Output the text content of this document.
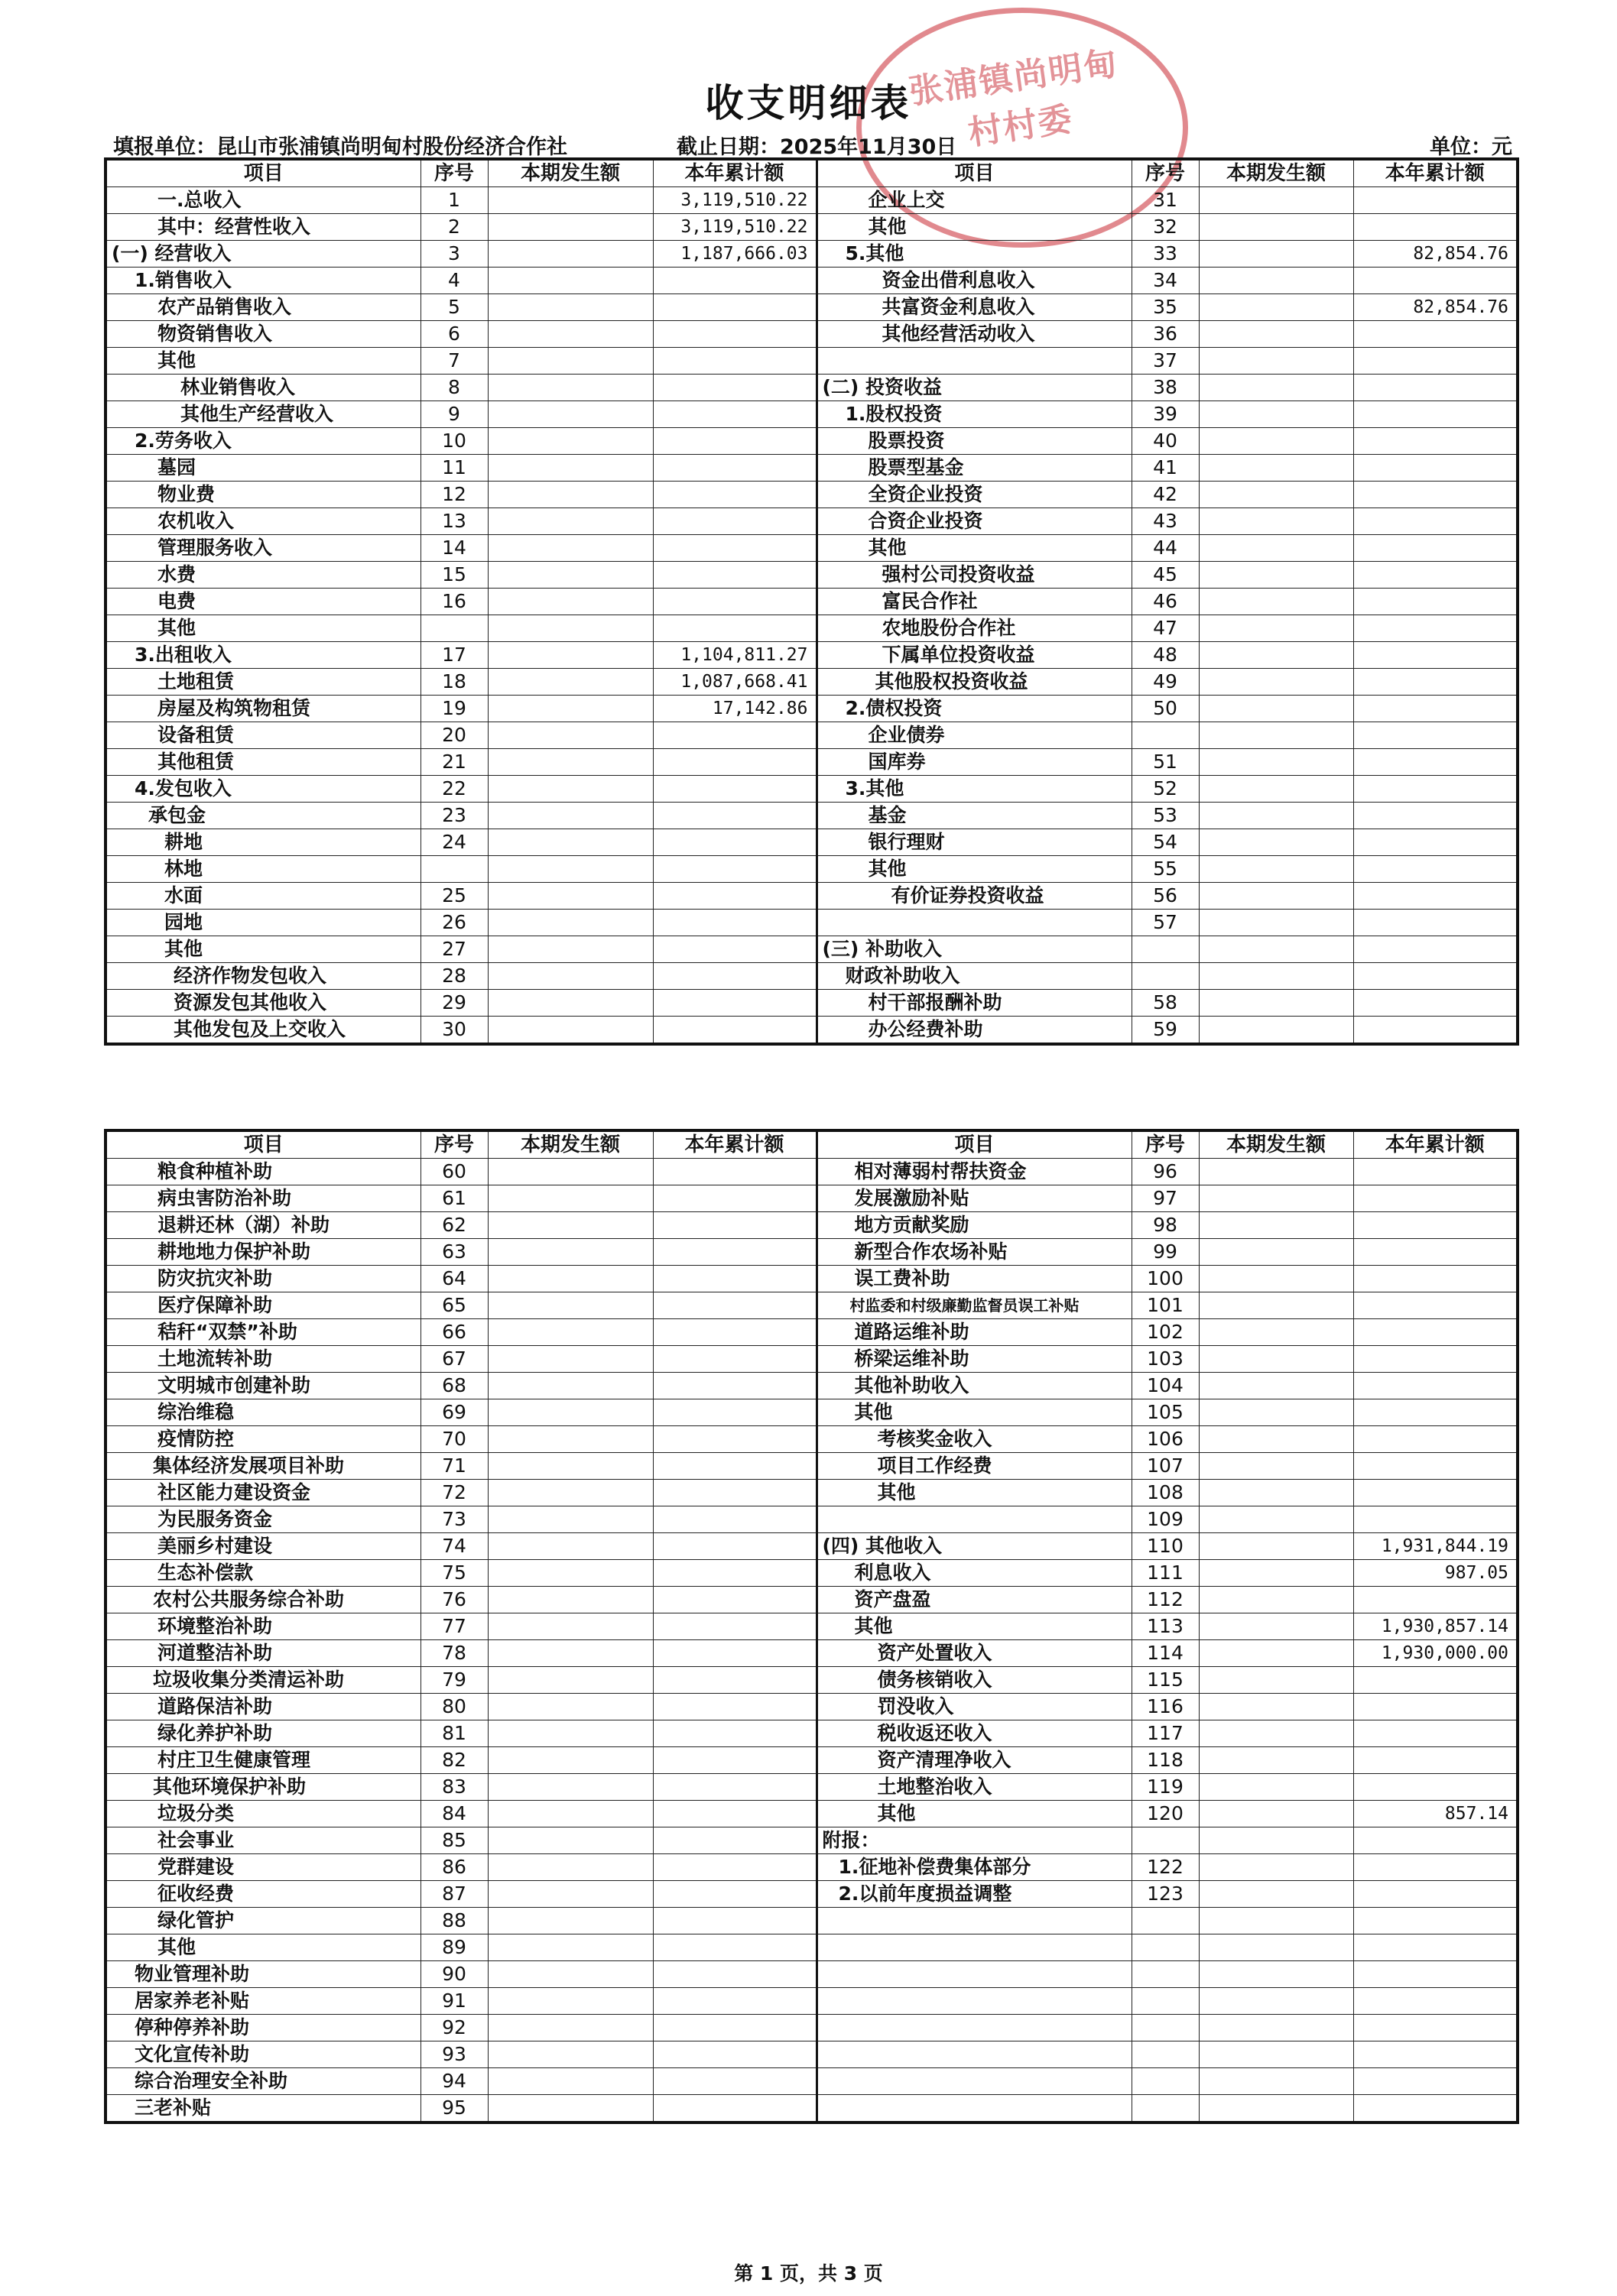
张浦镇尚明甸村村委
收支明细表
填报单位：昆山市张浦镇尚明甸村股份经济合作社	截止日期：2025年11月30日	单位：元
项目	序号	本期发生额	本年累计额	项目	序号	本期发生额	本年累计额
一.总收入	1		3,119,510.22	企业上交	31		
其中：经营性收入	2		3,119,510.22	其他	32		
(一) 经营收入	3		1,187,666.03	5.其他	33		82,854.76
1.销售收入	4			资金出借利息收入	34		
农产品销售收入	5			共富资金利息收入	35		82,854.76
物资销售收入	6			其他经营活动收入	36		
其他	7				37		
林业销售收入	8			(二) 投资收益	38		
其他生产经营收入	9			1.股权投资	39		
2.劳务收入	10			股票投资	40		
墓园	11			股票型基金	41		
物业费	12			全资企业投资	42		
农机收入	13			合资企业投资	43		
管理服务收入	14			其他	44		
水费	15			强村公司投资收益	45		
电费	16			富民合作社	46		
其他				农地股份合作社	47		
3.出租收入	17		1,104,811.27	下属单位投资收益	48		
土地租赁	18		1,087,668.41	其他股权投资收益	49		
房屋及构筑物租赁	19		17,142.86	2.债权投资	50		
设备租赁	20			企业债券			
其他租赁	21			国库券	51		
4.发包收入	22			3.其他	52		
承包金	23			基金	53		
耕地	24			银行理财	54		
林地				其他	55		
水面	25			有价证券投资收益	56		
园地	26				57		
其他	27			(三) 补助收入			
经济作物发包收入	28			财政补助收入			
资源发包其他收入	29			村干部报酬补助	58		
其他发包及上交收入	30			办公经费补助	59		
项目	序号	本期发生额	本年累计额	项目	序号	本期发生额	本年累计额
粮食种植补助	60			相对薄弱村帮扶资金	96		
病虫害防治补助	61			发展激励补贴	97		
退耕还林（湖）补助	62			地方贡献奖励	98		
耕地地力保护补助	63			新型合作农场补贴	99		
防灾抗灾补助	64			误工费补助	100		
医疗保障补助	65			村监委和村级廉勤监督员误工补贴	101		
秸秆“双禁”补助	66			道路运维补助	102		
土地流转补助	67			桥梁运维补助	103		
文明城市创建补助	68			其他补助收入	104		
综治维稳	69			其他	105		
疫情防控	70			考核奖金收入	106		
集体经济发展项目补助	71			项目工作经费	107		
社区能力建设资金	72			其他	108		
为民服务资金	73				109		
美丽乡村建设	74			(四) 其他收入	110		1,931,844.19
生态补偿款	75			利息收入	111		987.05
农村公共服务综合补助	76			资产盘盈	112		
环境整治补助	77			其他	113		1,930,857.14
河道整洁补助	78			资产处置收入	114		1,930,000.00
垃圾收集分类清运补助	79			债务核销收入	115		
道路保洁补助	80			罚没收入	116		
绿化养护补助	81			税收返还收入	117		
村庄卫生健康管理	82			资产清理净收入	118		
其他环境保护补助	83			土地整治收入	119		
垃圾分类	84			其他	120		857.14
社会事业	85			附报：			
党群建设	86			1.征地补偿费集体部分	122		
征收经费	87			2.以前年度损益调整	123		
绿化管护	88						
其他	89						
物业管理补助	90						
居家养老补贴	91						
停种停养补助	92						
文化宣传补助	93						
综合治理安全补助	94						
三老补贴	95						
第 1 页，共 3 页
